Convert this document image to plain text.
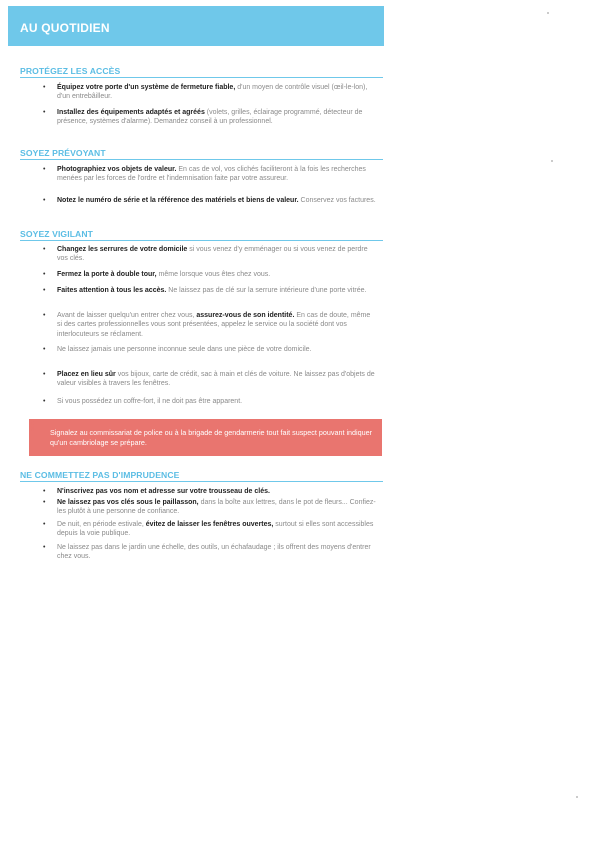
AU QUOTIDIEN
PROTÉGEZ LES ACCÈS
• Équipez votre porte d'un système de fermeture fiable, d'un moyen de contrôle visuel (œil-le-lon), d'un entrebâilleur.
• Installez des équipements adaptés et agréés (volets, grilles, éclairage programmé, détecteur de présence, systèmes d'alarme). Demandez conseil à un professionnel.
SOYEZ PRÉVOYANT
• Photographiez vos objets de valeur. En cas de vol, vos clichés faciliteront à la fois les recherches menées par les forces de l'ordre et l'indemnisation faite par votre assureur.
• Notez le numéro de série et la référence des matériels et biens de valeur. Conservez vos factures.
SOYEZ VIGILANT
• Changez les serrures de votre domicile si vous venez d'y emménager ou si vous venez de perdre vos clés.
• Fermez la porte à double tour, même lorsque vous êtes chez vous.
• Faites attention à tous les accès. Ne laissez pas de clé sur la serrure intérieure d'une porte vitrée.
• Avant de laisser quelqu'un entrer chez vous, assurez-vous de son identité. En cas de doute, même si des cartes professionnelles vous sont présentées, appelez le service ou la société dont vos interlocuteurs se réclament.
• Ne laissez jamais une personne inconnue seule dans une pièce de votre domicile.
• Placez en lieu sûr vos bijoux, carte de crédit, sac à main et clés de voiture. Ne laissez pas d'objets de valeur visibles à travers les fenêtres.
• Si vous possédez un coffre-fort, il ne doit pas être apparent.
! Signalez au commissariat de police ou à la brigade de gendarmerie tout fait suspect pouvant indiquer qu'un cambriolage se prépare.
NE COMMETTEZ PAS D'IMPRUDENCE
• N'inscrivez pas vos nom et adresse sur votre trousseau de clés.
• Ne laissez pas vos clés sous le paillasson, dans la boîte aux lettres, dans le pot de fleurs... Confiez-les plutôt à une personne de confiance.
• De nuit, en période estivale, évitez de laisser les fenêtres ouvertes, surtout si elles sont accessibles depuis la voie publique.
• Ne laissez pas dans le jardin une échelle, des outils, un échafaudage ; ils offrent des moyens d'entrer chez vous.
